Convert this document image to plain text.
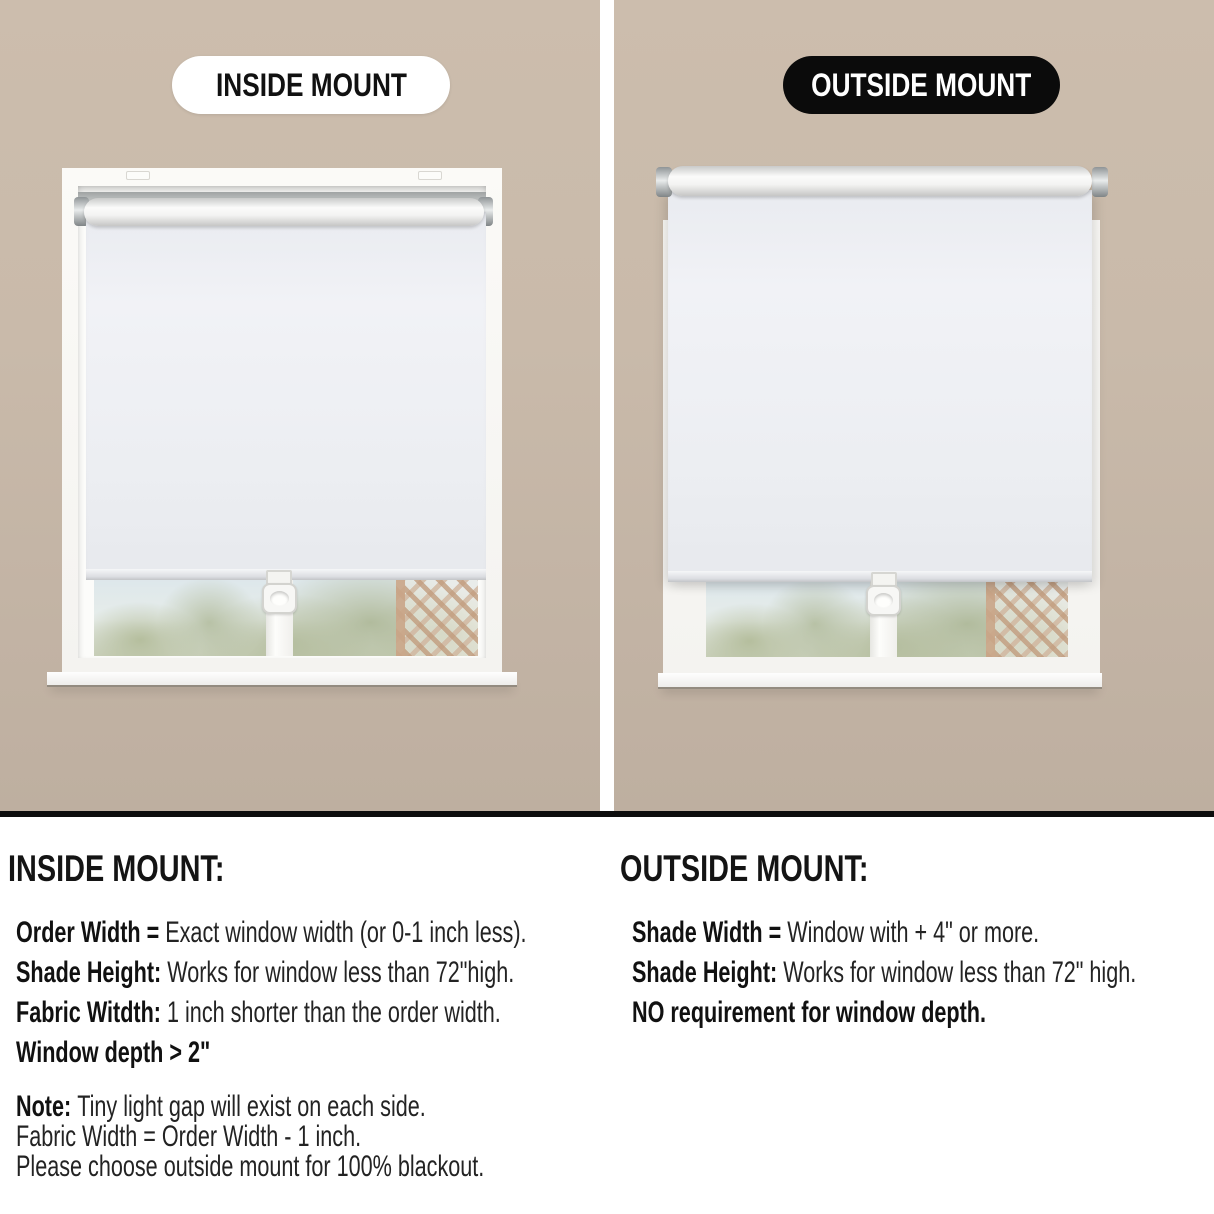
INSIDE MOUNT	OUTSIDE MOUNT
INSIDE MOUNT:
Order Width = Exact window width (or 0-1 inch less).
Shade Height: Works for window less than 72"high.
Fabric Witdth: 1 inch shorter than the order width.
Window depth > 2"
Note: Tiny light gap will exist on each side.
Fabric Width = Order Width - 1 inch.
Please choose outside mount for 100% blackout.
OUTSIDE MOUNT:
Shade Width = Window with + 4" or more.
Shade Height: Works for window less than 72" high.
NO requirement for window depth.
